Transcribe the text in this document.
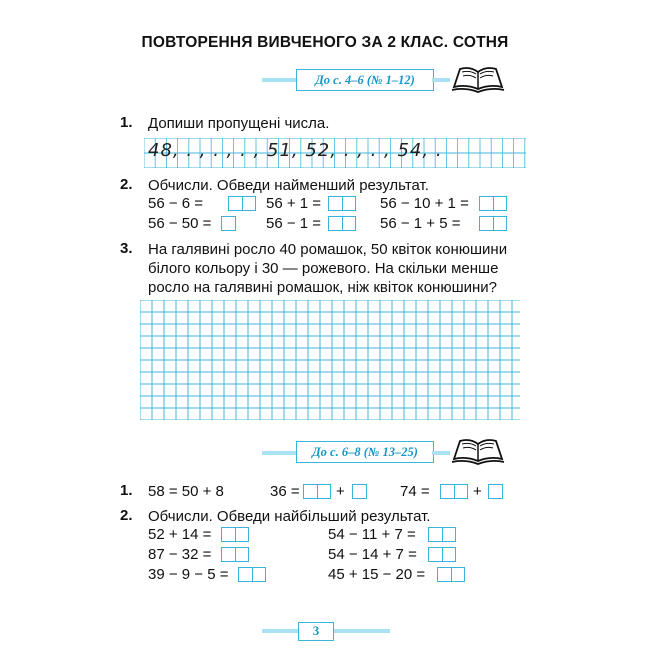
ПОВТОРЕННЯ ВИВЧЕНОГО ЗА 2 КЛАС. СОТНЯ
До с. 4–6 (№ 1–12)
1. Допиши пропущені числа.
48, . , . , . , 51, 52, . , . , 54, .
2. Обчисли. Обведи найменший результат.
56 − 6 =	56 + 1 =	56 − 10 + 1 =
56 − 50 =	56 − 1 =	56 − 1 + 5 =
3. На галявині росло 40 ромашок, 50 квіток конюшини
білого кольору і 30 — рожевого. На скільки менше
росло на галявині ромашок, ніж квіток конюшини?
До с. 6–8 (№ 13–25)
1. 58 = 50 + 8	36 = +	74 =	+
2. Обчисли. Обведи найбільший результат.
52 + 14 =	54 − 11 + 7 =
87 − 32 =	54 − 14 + 7 =
39 − 9 − 5 =	45 + 15 − 20 =
3
